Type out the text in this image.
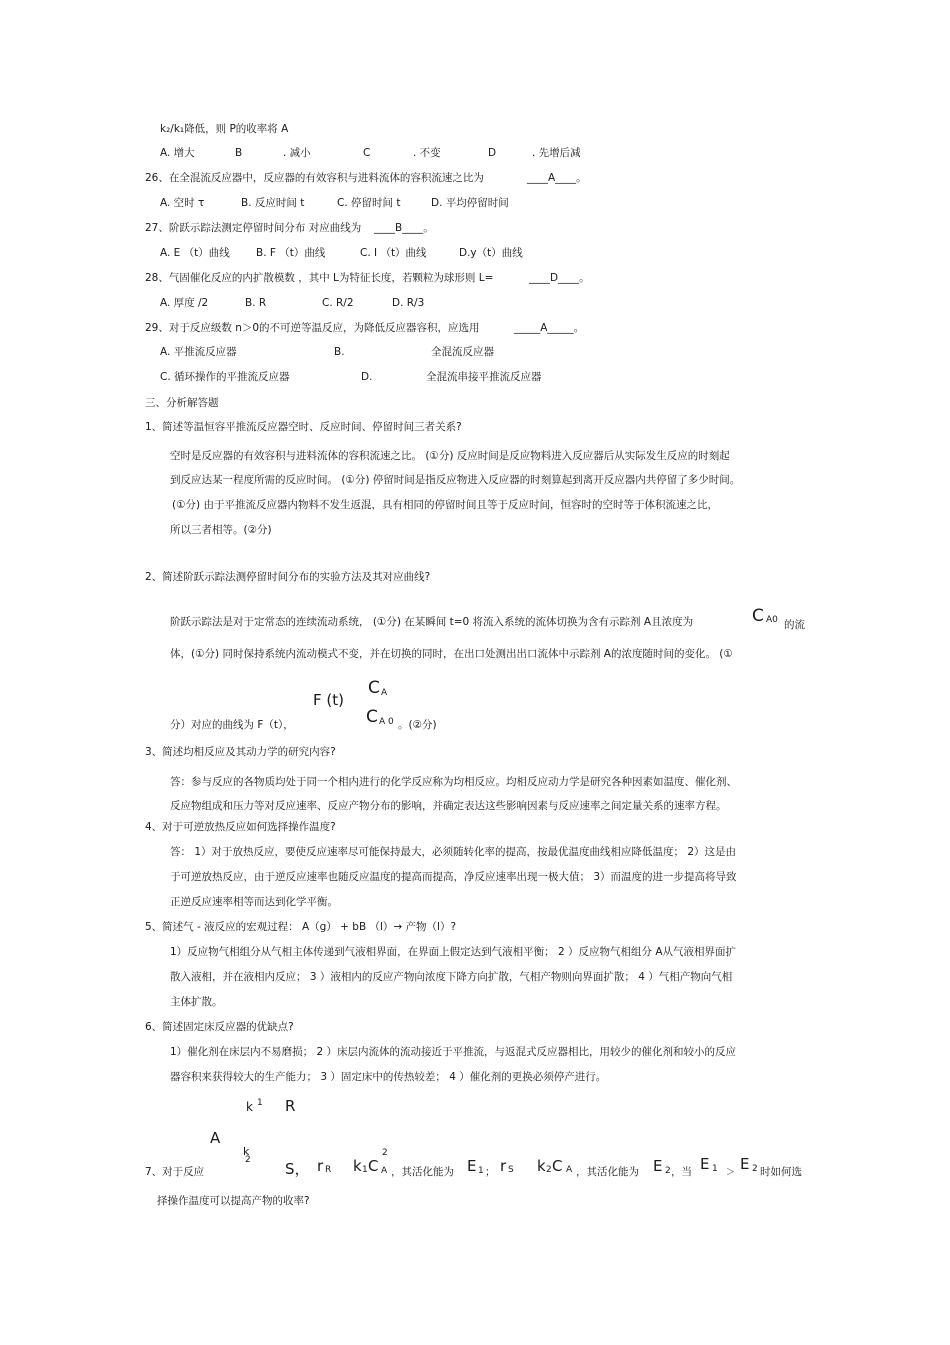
k₂/k₁降低，则 P的收率将 A
A. 增大	B	. 减小	C	. 不变	D	. 先增后减
26、在全混流反应器中，反应器的有效容积与进料流体的容积流速之比为	____A____。
A. 空时 τ	B. 反应时间 t	C. 停留时间 t	D. 平均停留时间
27、阶跃示踪法测定停留时间分布 对应曲线为 ____B____。
A. E （t）曲线 B. F （t）曲线	C. I （t）曲线	D.y（t）曲线
28、气固催化反应的内扩散模数 ，其中 L为特征长度，若颗粒为球形则 L=	____D____。
A. 厚度 /2	B. R	C. R/2	D. R/3
29、对于反应级数 n＞0的不可逆等温反应，为降低反应器容积，应选用	_____A_____。
A. 平推流反应器	B.	全混流反应器
C. 循环操作的平推流反应器	D.	全混流串接平推流反应器
三、分析解答题
1、简述等温恒容平推流反应器空时、反应时间、停留时间三者关系?
空时是反应器的有效容积与进料流体的容积流速之比。 (①分) 反应时间是反应物料进入反应器后从实际发生反应的时刻起
到反应达某一程度所需的反应时间。 (①分) 停留时间是指反应物进入反应器的时刻算起到离开反应器内共停留了多少时间。
(①分) 由于平推流反应器内物料不发生返混，具有相同的停留时间且等于反应时间，恒容时的空时等于体积流速之比，
所以三者相等。(②分)
2、简述阶跃示踪法测停留时间分布的实验方法及其对应曲线?
阶跃示踪法是对于定常态的连续流动系统， (①分) 在某瞬间 t=0 将流入系统的流体切换为含有示踪剂 A且浓度为	C A0 的流
体，(①分) 同时保持系统内流动模式不变，并在切换的同时，在出口处测出出口流体中示踪剂 A的浓度随时间的变化。 (①
F (t)
C A
C A 0
分）对应的曲线为 F（t），	。(②分)
3、简述均相反应及其动力学的研究内容?
答：参与反应的各物质均处于同一个相内进行的化学反应称为均相反应。均相反应动力学是研究各种因素如温度、催化剂、
反应物组成和压力等对反应速率、反应产物分布的影响，并确定表达这些影响因素与反应速率之间定量关系的速率方程。
4、对于可逆放热反应如何选择操作温度?
答： 1）对于放热反应，要使反应速率尽可能保持最大，必须随转化率的提高，按最优温度曲线相应降低温度； 2）这是由
于可逆放热反应，由于逆反应速率也随反应温度的提高而提高，净反应速率出现一极大值； 3）而温度的进一步提高将导致
正逆反应速率相等而达到化学平衡。
5、简述气 - 液反应的宏观过程： A（g） + bB （l）→ 产物（l）?
1）反应物气相组分从气相主体传递到气液相界面，在界面上假定达到气液相平衡； 2 ）反应物气相组分 A从气液相界面扩
散入液相，并在液相内反应； 3 ）液相内的反应产物向浓度下降方向扩散，气相产物则向界面扩散； 4 ）气相产物向气相
主体扩散。
6、简述固定床反应器的优缺点?
1）催化剂在床层内不易磨损； 2 ）床层内流体的流动接近于平推流，与返混式反应器相比，用较少的催化剂和较小的反应
器容积来获得较大的生产能力； 3 ）固定床中的传热较差； 4 ）催化剂的更换必须停产进行。
k 1 R
A
k
2
7、对于反应	S， r R k 1 C
2
A ，其活化能为 E 1 ； r S k 2 C A ，其活化能为 E 2 ，当 E 1 ＞ E 2 时如何选
择操作温度可以提高产物的收率?
